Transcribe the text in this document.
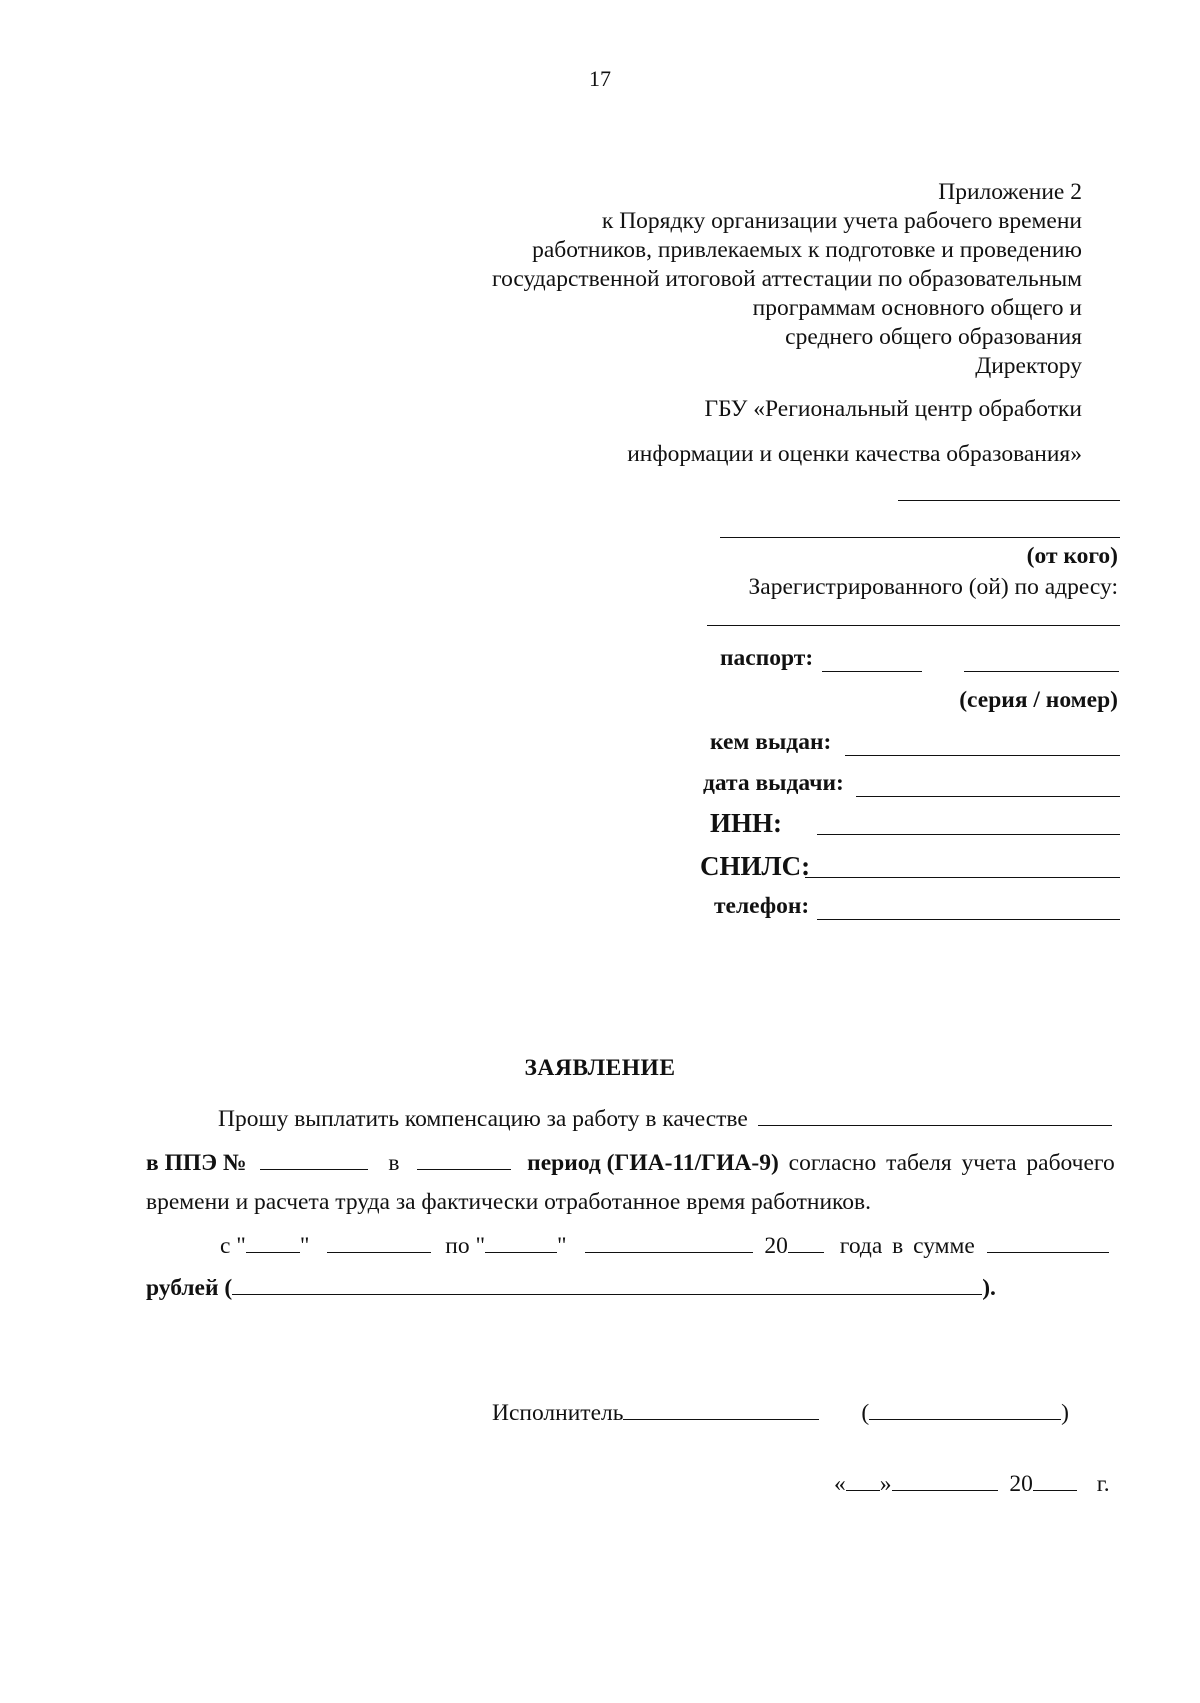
17
Приложение 2
к Порядку организации учета рабочего времени
работников, привлекаемых к подготовке и проведению
государственной итоговой аттестации по образовательным
программам основного общего и
среднего общего образования
Директору
ГБУ «Региональный центр обработки
информации и оценки качества образования»
(от кого)
Зарегистрированного (ой) по адресу:
паспорт:
(серия / номер)
кем выдан:
дата выдачи:
ИНН:
СНИЛС:
телефон:
ЗАЯВЛЕНИЕ
Прошу выплатить компенсацию за работу в качестве
в ППЭ №	в	период (ГИА-11/ГИА-9) согласно табеля учета рабочего
времени и расчета труда за фактически отработанное время работников.
с " "	по "	"	20 года в сумме
рублей (	).
Исполнитель	(	)
« »	20	г.
